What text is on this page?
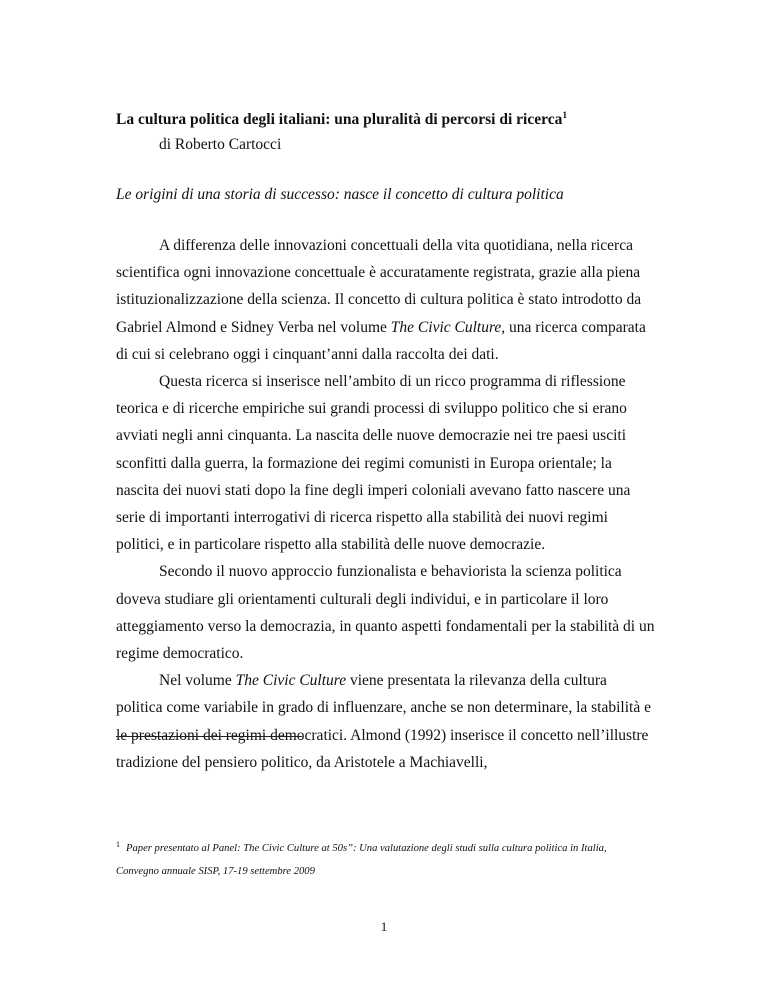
La cultura politica degli italiani: una pluralità di percorsi di ricerca$^1$

di Roberto Cartocci

Le origini di una storia di successo: nasce il concetto di cultura politica

A differenza delle innovazioni concettuali della vita quotidiana, nella ricerca scientifica ogni innovazione concettuale è accuratamente registrata, grazie alla piena istituzionalizzazione della scienza. Il concetto di cultura politica è stato introdotto da Gabriel Almond e Sidney Verba nel volume The Civic Culture, una ricerca comparata di cui si celebrano oggi i cinquant’anni dalla raccolta dei dati.

Questa ricerca si inserisce nell’ambito di un ricco programma di riflessione teorica e di ricerche empiriche sui grandi processi di sviluppo politico che si erano avviati negli anni cinquanta. La nascita delle nuove democrazie nei tre paesi usciti sconfitti dalla guerra, la formazione dei regimi comunisti in Europa orientale; la nascita dei nuovi stati dopo la fine degli imperi coloniali avevano fatto nascere una serie di importanti interrogativi di ricerca rispetto alla stabilità dei nuovi regimi politici, e in particolare rispetto alla stabilità delle nuove democrazie.

Secondo il nuovo approccio funzionalista e behaviorista la scienza politica doveva studiare gli orientamenti culturali degli individui, e in particolare il loro atteggiamento verso la democrazia, in quanto aspetti fondamentali per la stabilità di un regime democratico.

Nel volume The Civic Culture viene presentata la rilevanza della cultura politica come variabile in grado di influenzare, anche se non determinare, la stabilità e le prestazioni dei regimi democratici. Almond (1992) inserisce il concetto nell’illustre tradizione del pensiero politico, da Aristotele a Machiavelli,

$^1$ Paper presentato al Panel: The Civic Culture at 50s”: Una valutazione degli studi sulla cultura politica in Italia, Convegno annuale SISP, 17-19 settembre 2009

1
